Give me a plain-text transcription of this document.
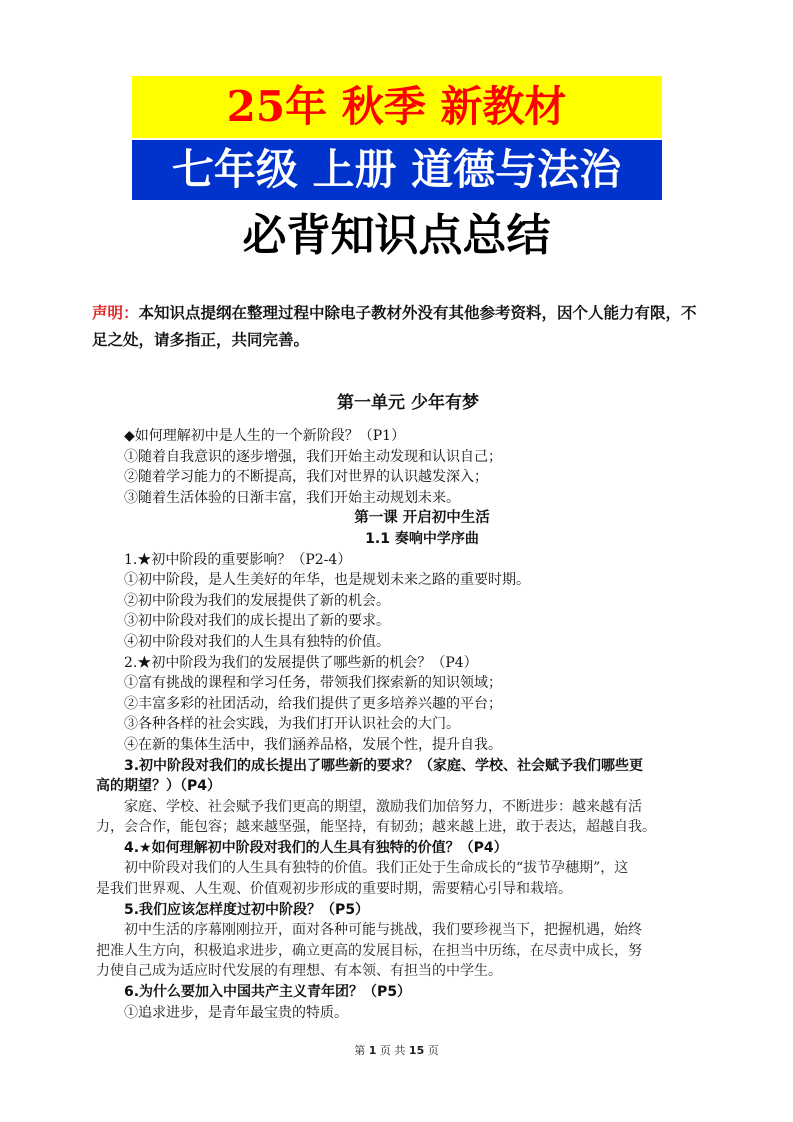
25年 秋季 新教材
七年级 上册 道德与法治
必背知识点总结
声明：本知识点提纲在整理过程中除电子教材外没有其他参考资料，因个人能力有限，不
足之处，请多指正，共同完善。

第一单元 少年有梦

◆如何理解初中是人生的一个新阶段？（P1）

①随着自我意识的逐步增强，我们开始主动发现和认识自己；

②随着学习能力的不断提高，我们对世界的认识越发深入；

③随着生活体验的日渐丰富，我们开始主动规划未来。

第一课 开启初中生活

1.1 奏响中学序曲

1.★初中阶段的重要影响？（P2-4）

①初中阶段，是人生美好的年华，也是规划未来之路的重要时期。

②初中阶段为我们的发展提供了新的机会。

③初中阶段对我们的成长提出了新的要求。

④初中阶段对我们的人生具有独特的价值。

2.★初中阶段为我们的发展提供了哪些新的机会？（P4）

①富有挑战的课程和学习任务，带领我们探索新的知识领域；

②丰富多彩的社团活动，给我们提供了更多培养兴趣的平台；

③各种各样的社会实践，为我们打开认识社会的大门。

④在新的集体生活中，我们涵养品格，发展个性，提升自我。

3.初中阶段对我们的成长提出了哪些新的要求？（家庭、学校、社会赋予我们哪些更

高的期望？）（P4）

家庭、学校、社会赋予我们更高的期望，激励我们加倍努力，不断进步：越来越有活

力，会合作，能包容；越来越坚强，能坚持，有韧劲；越来越上进，敢于表达，超越自我。

4.★如何理解初中阶段对我们的人生具有独特的价值？（P4）

初中阶段对我们的人生具有独特的价值。我们正处于生命成长的“拔节孕穗期”，这

是我们世界观、人生观、价值观初步形成的重要时期，需要精心引导和栽培。

5.我们应该怎样度过初中阶段？（P5）

初中生活的序幕刚刚拉开，面对各种可能与挑战，我们要珍视当下，把握机遇，始终

把准人生方向，积极追求进步，确立更高的发展目标，在担当中历练，在尽责中成长，努

力使自己成为适应时代发展的有理想、有本领、有担当的中学生。

6.为什么要加入中国共产主义青年团？（P5）

①追求进步，是青年最宝贵的特质。

第 1 页 共 15 页
